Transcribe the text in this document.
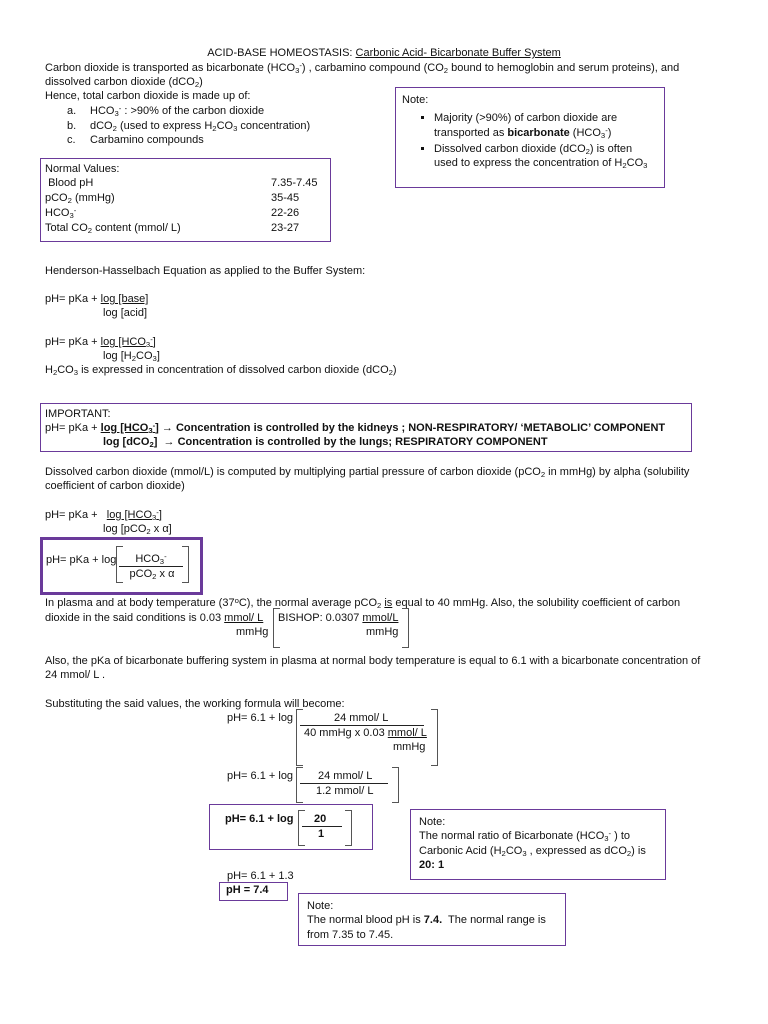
ACID-BASE HOMEOSTASIS: Carbonic Acid- Bicarbonate Buffer System
Carbon dioxide is transported as bicarbonate $(HCO_3^-)$ , carbamino compound ($CO_2$ bound to hemoglobin and serum proteins), and
dissolved carbon dioxide (dCO$_2$)
Hence, total carbon dioxide is made up of:
a. $HCO_3^-$ : >90% of the carbon dioxide
b. dCO$_2$ (used to express $H_2CO_3$ concentration)
c. Carbamino compounds
Note:
▪ Majority (>90%) of carbon dioxide are transported as bicarbonate $(HCO_3^-)$
▪ Dissolved carbon dioxide (dCO$_2$) is often used to express the concentration of $H_2CO_3$
Normal Values:
Blood pH	7.35-7.45
pCO$_2$ (mmHg)	35-45
$HCO_3^-$	22-26
Total $CO_2$ content (mmol/ L)	23-27
Henderson-Hasselbach Equation as applied to the Buffer System:
pH= pKa + log [base]
log [acid]
pH= pKa + $\log [HCO_3^-]$
$\log [H_2CO_3]$
$H_2CO_3$ is expressed in concentration of dissolved carbon dioxide (dCO$_2$)
IMPORTANT:
pH= pKa + $\log [HCO_3^-]$ → Concentration is controlled by the kidneys ; NON-RESPIRATORY/ ‘METABOLIC’ COMPONENT
log [dCO$_2$] → Concentration is controlled by the lungs; RESPIRATORY COMPONENT
Dissolved carbon dioxide (mmol/L) is computed by multiplying partial pressure of carbon dioxide (pCO$_2$ in mmHg) by alpha (solubility
coefficient of carbon dioxide)
pH= pKa +   $\log [HCO_3^-]$
log [pCO$_2$ x α]
pH= pKa + log	$HCO_3^-$
pCO$_2$ x α
In plasma and at body temperature (37$^o$C), the normal average pCO$_2$ is equal to 40 mmHg. Also, the solubility coefficient of carbon
dioxide in the said conditions is 0.03 mmol/ L
mmHg
BISHOP: 0.0307 mmol/L
mmHg
Also, the pKa of bicarbonate buffering system in plasma at normal body temperature is equal to 6.1 with a bicarbonate concentration of
24 mmol/ L .
Substituting the said values, the working formula will become:
pH= 6.1 + log	24 mmol/ L
40 mmHg x 0.03 mmol/ L
mmHg
pH= 6.1 + log 24 mmol/ L
1.2 mmol/ L
pH= 6.1 + log 20
1
Note:
The normal ratio of Bicarbonate ($HCO_3^-$ ) to
Carbonic Acid ($H_2CO_3$ , expressed as dCO$_2$) is
20: 1
pH= 6.1 + 1.3
pH = 7.4
Note:
The normal blood pH is 7.4.  The normal range is
from 7.35 to 7.45.
